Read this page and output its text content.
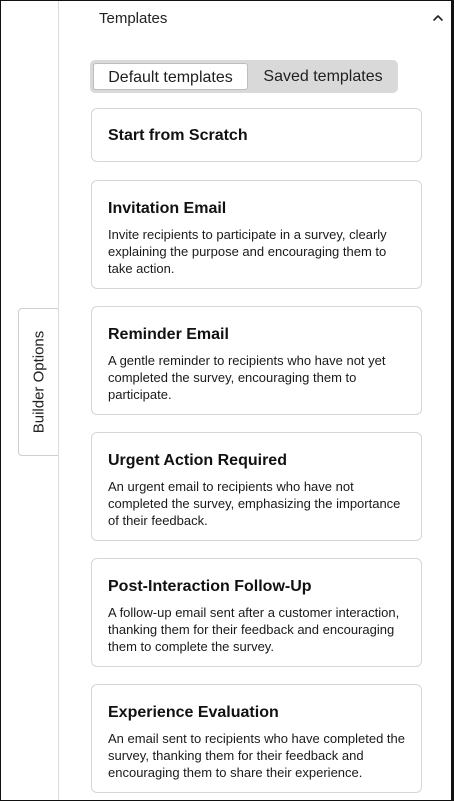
Builder Options
Templates
Default templates	Saved templates

Start from Scratch

Invitation Email

Invite recipients to participate in a survey, clearly explaining the purpose and encouraging them to take action.

Reminder Email

A gentle reminder to recipients who have not yet completed the survey, encouraging them to participate.

Urgent Action Required

An urgent email to recipients who have not completed the survey, emphasizing the importance of their feedback.

Post-Interaction Follow-Up

A follow-up email sent after a customer interaction, thanking them for their feedback and encouraging them to complete the survey.

Experience Evaluation

An email sent to recipients who have completed the survey, thanking them for their feedback and encouraging them to share their experience.
